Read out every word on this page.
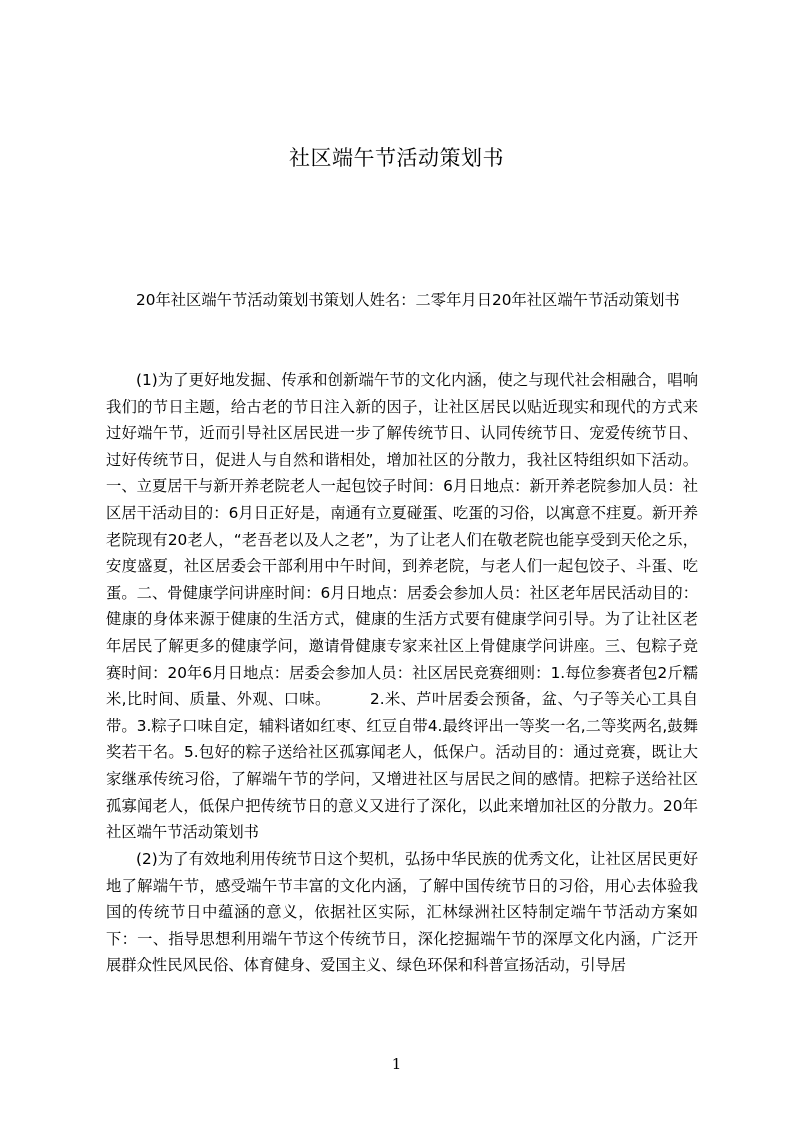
社区端午节活动策划书

20年社区端午节活动策划书策划人姓名：二零年月日20年社区端午节活动策划书

(1)为了更好地发掘、传承和创新端午节的文化内涵，使之与现代社会相融合，唱响我们的节日主题，给古老的节日注入新的因子，让社区居民以贴近现实和现代的方式来过好端午节，近而引导社区居民进一步了解传统节日、认同传统节日、宠爱传统节日、过好传统节日，促进人与自然和谐相处，增加社区的分散力，我社区特组织如下活动。一、立夏居干与新开养老院老人一起包饺子时间：6月日地点：新开养老院参加人员：社区居干活动目的：6月日正好是，南通有立夏碰蛋、吃蛋的习俗，以寓意不疰夏。新开养老院现有20老人，“老吾老以及人之老”，为了让老人们在敬老院也能享受到天伦之乐，安度盛夏，社区居委会干部利用中午时间，到养老院，与老人们一起包饺子、斗蛋、吃蛋。二、骨健康学问讲座时间：6月日地点：居委会参加人员：社区老年居民活动目的：健康的身体来源于健康的生活方式，健康的生活方式要有健康学问引导。为了让社区老年居民了解更多的健康学问，邀请骨健康专家来社区上骨健康学问讲座。三、包粽子竞赛时间：20年6月日地点：居委会参加人员：社区居民竞赛细则：1.每位参赛者包2斤糯米,比时间、质量、外观、口味。　　　2.米、芦叶居委会预备，盆、勺子等关心工具自带。3.粽子口味自定，辅料诸如红枣、红豆自带4.最终评出一等奖一名,二等奖两名,鼓舞奖若干名。5.包好的粽子送给社区孤寡闻老人，低保户。活动目的：通过竞赛，既让大家继承传统习俗，了解端午节的学问，又增进社区与居民之间的感情。把粽子送给社区孤寡闻老人，低保户把传统节日的意义又进行了深化，以此来增加社区的分散力。20年社区端午节活动策划书

(2)为了有效地利用传统节日这个契机，弘扬中华民族的优秀文化，让社区居民更好地了解端午节，感受端午节丰富的文化内涵，了解中国传统节日的习俗，用心去体验我国的传统节日中蕴涵的意义，依据社区实际，汇林绿洲社区特制定端午节活动方案如下：一、指导思想利用端午节这个传统节日，深化挖掘端午节的深厚文化内涵，广泛开展群众性民风民俗、体育健身、爱国主义、绿色环保和科普宣扬活动，引导居

1
